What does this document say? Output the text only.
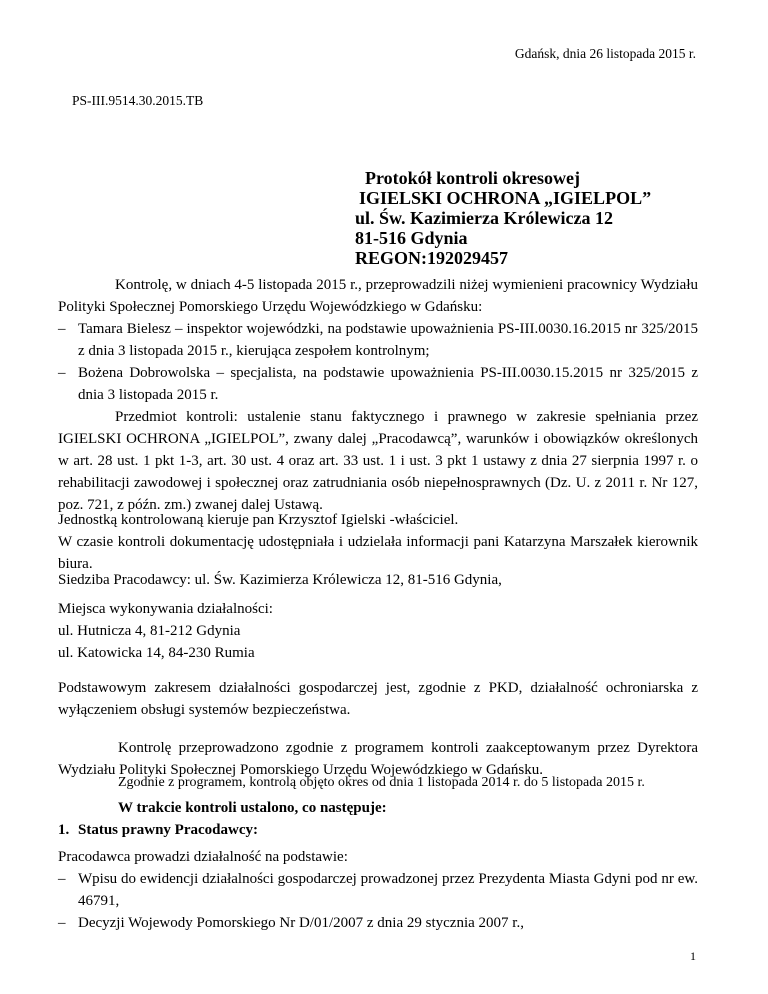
Gdańsk, dnia 26 listopada 2015 r.
PS-III.9514.30.2015.TB
Protokół kontroli okresowej
IGIELSKI OCHRONA „IGIELPOL”
ul. Św. Kazimierza Królewicza 12
81-516 Gdynia
REGON:192029457

Kontrolę, w dniach 4-5 listopada 2015 r., przeprowadzili niżej wymienieni pracownicy Wydziału Polityki Społecznej Pomorskiego Urzędu Wojewódzkiego w Gdańsku:

– Tamara Bielesz – inspektor wojewódzki, na podstawie upoważnienia PS-III.0030.16.2015 nr 325/2015 z dnia 3 listopada 2015 r., kierująca zespołem kontrolnym;
– Bożena Dobrowolska – specjalista, na podstawie upoważnienia PS-III.0030.15.2015 nr 325/2015 z dnia 3 listopada 2015 r.

Przedmiot kontroli: ustalenie stanu faktycznego i prawnego w zakresie spełniania przez IGIELSKI OCHRONA „IGIELPOL”, zwany dalej „Pracodawcą”, warunków i obowiązków określonych w art. 28 ust. 1 pkt 1-3, art. 30 ust. 4 oraz art. 33 ust. 1 i ust. 3 pkt 1 ustawy z dnia 27 sierpnia 1997 r. o rehabilitacji zawodowej i społecznej oraz zatrudniania osób niepełnosprawnych (Dz. U. z 2011 r. Nr 127, poz. 721, z późn. zm.) zwanej dalej Ustawą.

Jednostką kontrolowaną kieruje pan Krzysztof Igielski -właściciel.

W czasie kontroli dokumentację udostępniała i udzielała informacji pani Katarzyna Marszałek kierownik biura.

Siedziba Pracodawcy: ul. Św. Kazimierza Królewicza 12, 81-516 Gdynia,

Miejsca wykonywania działalności:

ul. Hutnicza 4, 81-212 Gdynia

ul. Katowicka 14, 84-230 Rumia

Podstawowym zakresem działalności gospodarczej jest, zgodnie z PKD, działalność ochroniarska z wyłączeniem obsługi systemów bezpieczeństwa.

Kontrolę przeprowadzono zgodnie z programem kontroli zaakceptowanym przez Dyrektora Wydziału Polityki Społecznej Pomorskiego Urzędu Wojewódzkiego w Gdańsku.

Zgodnie z programem, kontrolą objęto okres od dnia 1 listopada 2014 r. do 5 listopada 2015 r.

W trakcie kontroli ustalono, co następuje:

1. Status prawny Pracodawcy:

Pracodawca prowadzi działalność na podstawie:

– Wpisu do ewidencji działalności gospodarczej prowadzonej przez Prezydenta Miasta Gdyni pod nr ew. 46791,
– Decyzji Wojewody Pomorskiego Nr D/01/2007 z dnia 29 stycznia 2007 r.,
1
